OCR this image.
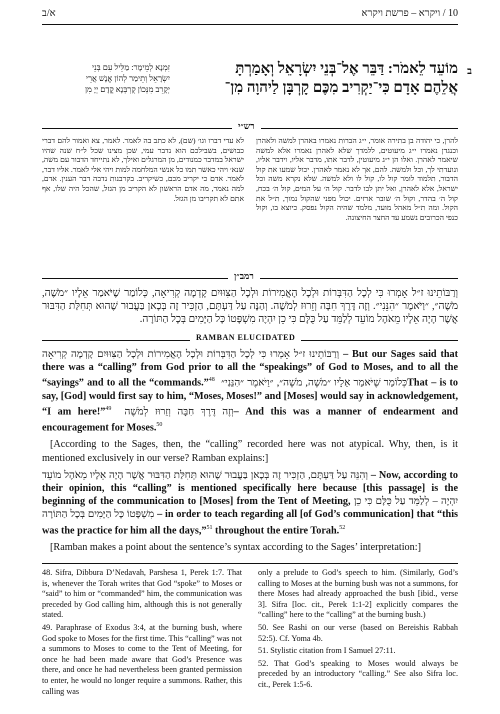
א/ב	10 / ויקרא – פרשת ויקרא
ב
מוֹעֵד לֵאמֹר: דַּבֵּר אֶל־בְּנֵי יִשְׂרָאֵל וְאָמַרְתָּ
אֲלֵהֶם אָדָם כִּי־יַקְרִיב מִכֶּם קָרְבָּן לַיהוָה מִן־
זִמְנָא לְמֵימָר: מַלֵּיל עִם בְּנֵי
יִשְׂרָאֵל וְתֵימַר לְהוֹן אֱנָשׁ אֲרֵי
יְקָרֵב מִנְּכוֹן קֻרְבְּנָא קֳדָם יְיָ מִן
רש״י
להרן, כי יהודה בן בתירה אומר, י״ג הברות נאמרו באהרן למשה ולאהרן וכנגדן נאמרו י״ג מיעוטים, ללמדך שלא לאהרן נאמרו אלא למשה שיאמר לאהרן. ואלו הן י״ג מיעוטין, לדבר אתו, מדבר אליו, וידבר אליו, ונועדתי לך, וכל ולמשה. להם, אך לא נאמר לאהרן. יכול שמעו את קול הדבור, תלמוד לומר קול לו, קול לו ולא למשה. שלא נקרא משה וכל ישראל, אלא לאהרן, ואל יתן לבו לדבר. קול ה׳ על המים, קול ה׳ בכח, קול ה׳ בהדר, וקול ה׳ שובר ארזים. יכול מפני שהקול נמוך, ת״ל את הקול. ומה ת״ל מאהל מועד, מלמד שהיה הקול נפסק. כיוצא בו, וקול כנפי הכרובים נשמע עד החצר החיצונה.
לא עדי דברו וגו׳ (שם), לא כתב בה לאמר. לאמר, צא ואמור להם דברי כבושים, בשבילכם הוא נדבר עמי, שכן מצינו שכל ל״ח שנה שהיו ישראל במדבר כמנודים, מן המרגלים ואילך, לא נתייחד הדבור עם משה, שנא׳ ויהי כאשר תמו כל אנשי המלחמה למות ויהי אלי לאמר. אליו דבר, לאמר. אדם כי יקריב מכם, כשיקריב. בקרבנות נדבה דבר הענין. אדם, למה נאמר, מה אדם הראשון לא הקריב מן הגזל, שהכל היה שלו, אף אתם לא תקריבו מן הגזל.
רמב״ן
וְרַבּוֹתֵינוּ ז״ל אָמְרוּ כִּי לְכָל הַדִּבְּרוֹת וּלְכָל הָאֲמִירוֹת וּלְכָל הַצִּוּוּיִם קָדְמָה קְרִיאָה, כְּלוֹמַר שֶׁיֹּאמַר אֵלָיו ״מֹשֶׁה, מֹשֶׁה״, ״וַיֹּאמֶר ״הִנֵּנִי״. וְזֶה דֶּרֶךְ חִבָּה וְזֵרוּז לְמֹשֶׁה. וְהַנֶּה עַל דַּעְתָּם, הַזְכִּיר זֶה בְּכָאן בַּעֲבוּר שֶׁהוּא תְּחִלַּת הַדִּבּוּר אֲשֶׁר הָיָה אֵלָיו מֵאֹהֶל מוֹעֵד לְלַמֵּד עַל כֻּלָּם כִּי כֵן יִהְיֶה מִשְׁפָּטוֹ כָּל הַיָּמִים בְּכָל הַתּוֹרָה.
RAMBAN ELUCIDATED

וְרַבּוֹתֵינוּ ז״ל אָמְרוּ כִּי לְכָל הַדִּבְּרוֹת וּלְכָל הָאֲמִירוֹת וּלְכָל הַצִּוּוּיִם קָדְמָה קְרִיאָה – But our Sages said that there was a “calling” from God prior to all the “speakings” of God to Moses, and to all the “sayings” and to all the “commands.”$^{48}$ כְּלוֹמַר שֶׁיֹּאמַר אֵלָיו ״מֹשֶׁה, מֹשֶׁה״, ״וַיֹּאמֶר ״הִנֵּנִי״ That – is to say, [God] would first say to him, “Moses, Moses!” and [Moses] would say in acknowledgement, “I am here!”$^{49}$ וְזֶה דֶּרֶךְ חִבָּה וְזֵרוּז לְמֹשֶׁה – And this was a manner of endearment and encouragement for Moses.$^{50}$

[According to the Sages, then, the “calling” recorded here was not atypical. Why, then, is it mentioned exclusively in our verse? Ramban explains:]

וְהִנֵּה עַל דַּעְתָּם, הַזְכִּיר זֶה בְּכָאן בַּעֲבוּר שֶׁהוּא תְּחִלַּת הַדִּבּוּר אֲשֶׁר הָיָה אֵלָיו מֵאֹהֶל מוֹעֵד – Now, according to their opinion, this “calling” is mentioned specifically here because [this passage] is the beginning of the communication to [Moses] from the Tent of Meeting, לְלַמֵּד עַל כֻּלָּם כִּי כֵן – יִהְיֶה מִשְׁפָּטוֹ כָּל הַיָּמִים בְּכָל הַתּוֹרָה – in order to teach regarding all [of God’s communication] that “this was the practice for him all the days,”$^{51}$ throughout the entire Torah.$^{52}$

[Ramban makes a point about the sentence’s syntax according to the Sages’ interpretation:]

48. Sifra, Dibbura D’Nedavah, Parshesa 1, Perek 1:7. That is, whenever the Torah writes that God “spoke” to Moses or “said” to him or “commanded” him, the communication was preceded by God calling him, although this is not generally stated.

49. Paraphrase of Exodus 3:4, at the burning bush, where God spoke to Moses for the first time. This “calling” was not a summons to Moses to come to the Tent of Meeting, for once he had been made aware that God’s Presence was there, and once he had nevertheless been granted permission to enter, he would no longer require a summons. Rather, this calling was

only a prelude to God’s speech to him. (Similarly, God’s calling to Moses at the burning bush was not a summons, for there Moses had already approached the bush [ibid., verse 3]. Sifra [loc. cit., Perek 1:1-2] explicitly compares the “calling” here to the “calling” at the burning bush.)

50. See Rashi on our verse (based on Bereishis Rabbah 52:5). Cf. Yoma 4b.

51. Stylistic citation from I Samuel 27:11.

52. That God’s speaking to Moses would always be preceded by an introductory “calling.” See also Sifra loc. cit., Perek 1:5-6.
